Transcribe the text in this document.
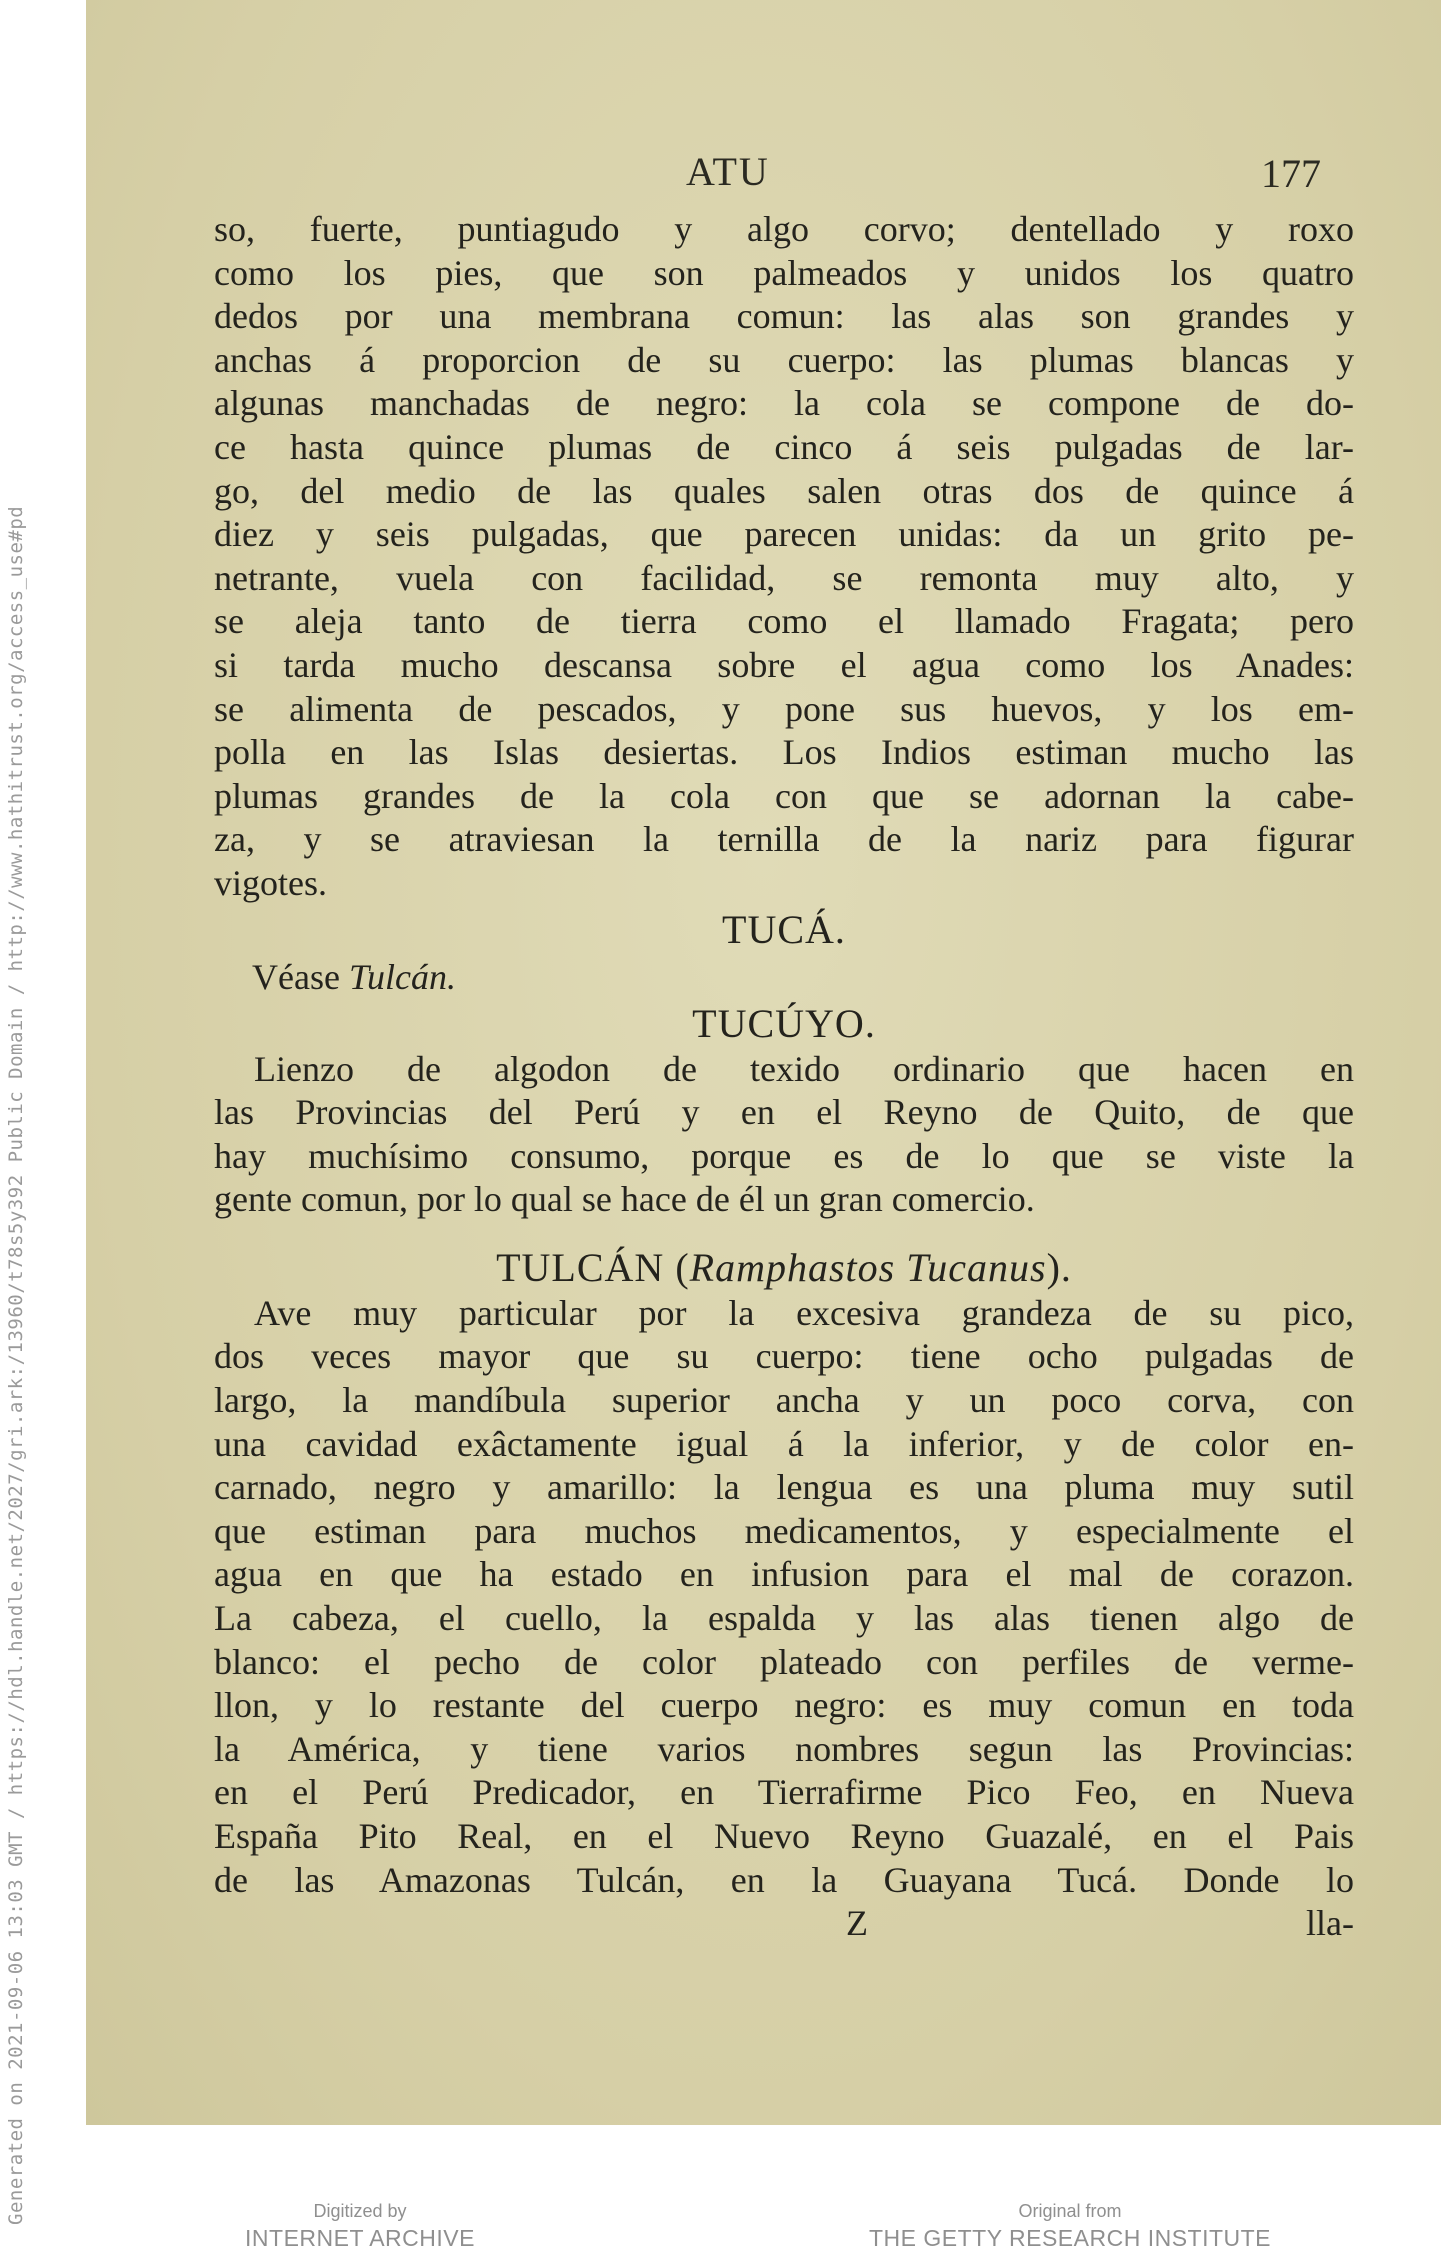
Generated on 2021-09-06 13:03 GMT / https://hdl.handle.net/2027/gri.ark:/13960/t78s5y392 Public Domain / http://www.hathitrust.org/access_use#pd
ATU	177
so, fuerte, puntiagudo y algo corvo; dentellado y roxo
como los pies, que son palmeados y unidos los quatro
dedos por una membrana comun: las alas son grandes y
anchas á proporcion de su cuerpo: las plumas blancas y
algunas manchadas de negro: la cola se compone de do-
ce hasta quince plumas de cinco á seis pulgadas de lar-
go, del medio de las quales salen otras dos de quince á
diez y seis pulgadas, que parecen unidas: da un grito pe-
netrante, vuela con facilidad, se remonta muy alto, y
se aleja tanto de tierra como el llamado Fragata; pero
si tarda mucho descansa sobre el agua como los Anades:
se alimenta de pescados, y pone sus huevos, y los em-
polla en las Islas desiertas. Los Indios estiman mucho las
plumas grandes de la cola con que se adornan la cabe-
za, y se atraviesan la ternilla de la nariz para figurar
vigotes.
TUCÁ.
Véase Tulcán.
TUCÚYO.
Lienzo de algodon de texido ordinario que hacen en
las Provincias del Perú y en el Reyno de Quito, de que
hay muchísimo consumo, porque es de lo que se viste la
gente comun, por lo qual se hace de él un gran comercio.
TULCÁN (Ramphastos Tucanus).
Ave muy particular por la excesiva grandeza de su pico,
dos veces mayor que su cuerpo: tiene ocho pulgadas de
largo, la mandíbula superior ancha y un poco corva, con
una cavidad exâctamente igual á la inferior, y de color en-
carnado, negro y amarillo: la lengua es una pluma muy sutil
que estiman para muchos medicamentos, y especialmente el
agua en que ha estado en infusion para el mal de corazon.
La cabeza, el cuello, la espalda y las alas tienen algo de
blanco: el pecho de color plateado con perfiles de verme-
llon, y lo restante del cuerpo negro: es muy comun en toda
la América, y tiene varios nombres segun las Provincias:
en el Perú Predicador, en Tierrafirme Pico Feo, en Nueva
España Pito Real, en el Nuevo Reyno Guazalé, en el Pais
de las Amazonas Tulcán, en la Guayana Tucá. Donde lo
Z	lla-
Digitized by
INTERNET ARCHIVE
Original from
THE GETTY RESEARCH INSTITUTE
